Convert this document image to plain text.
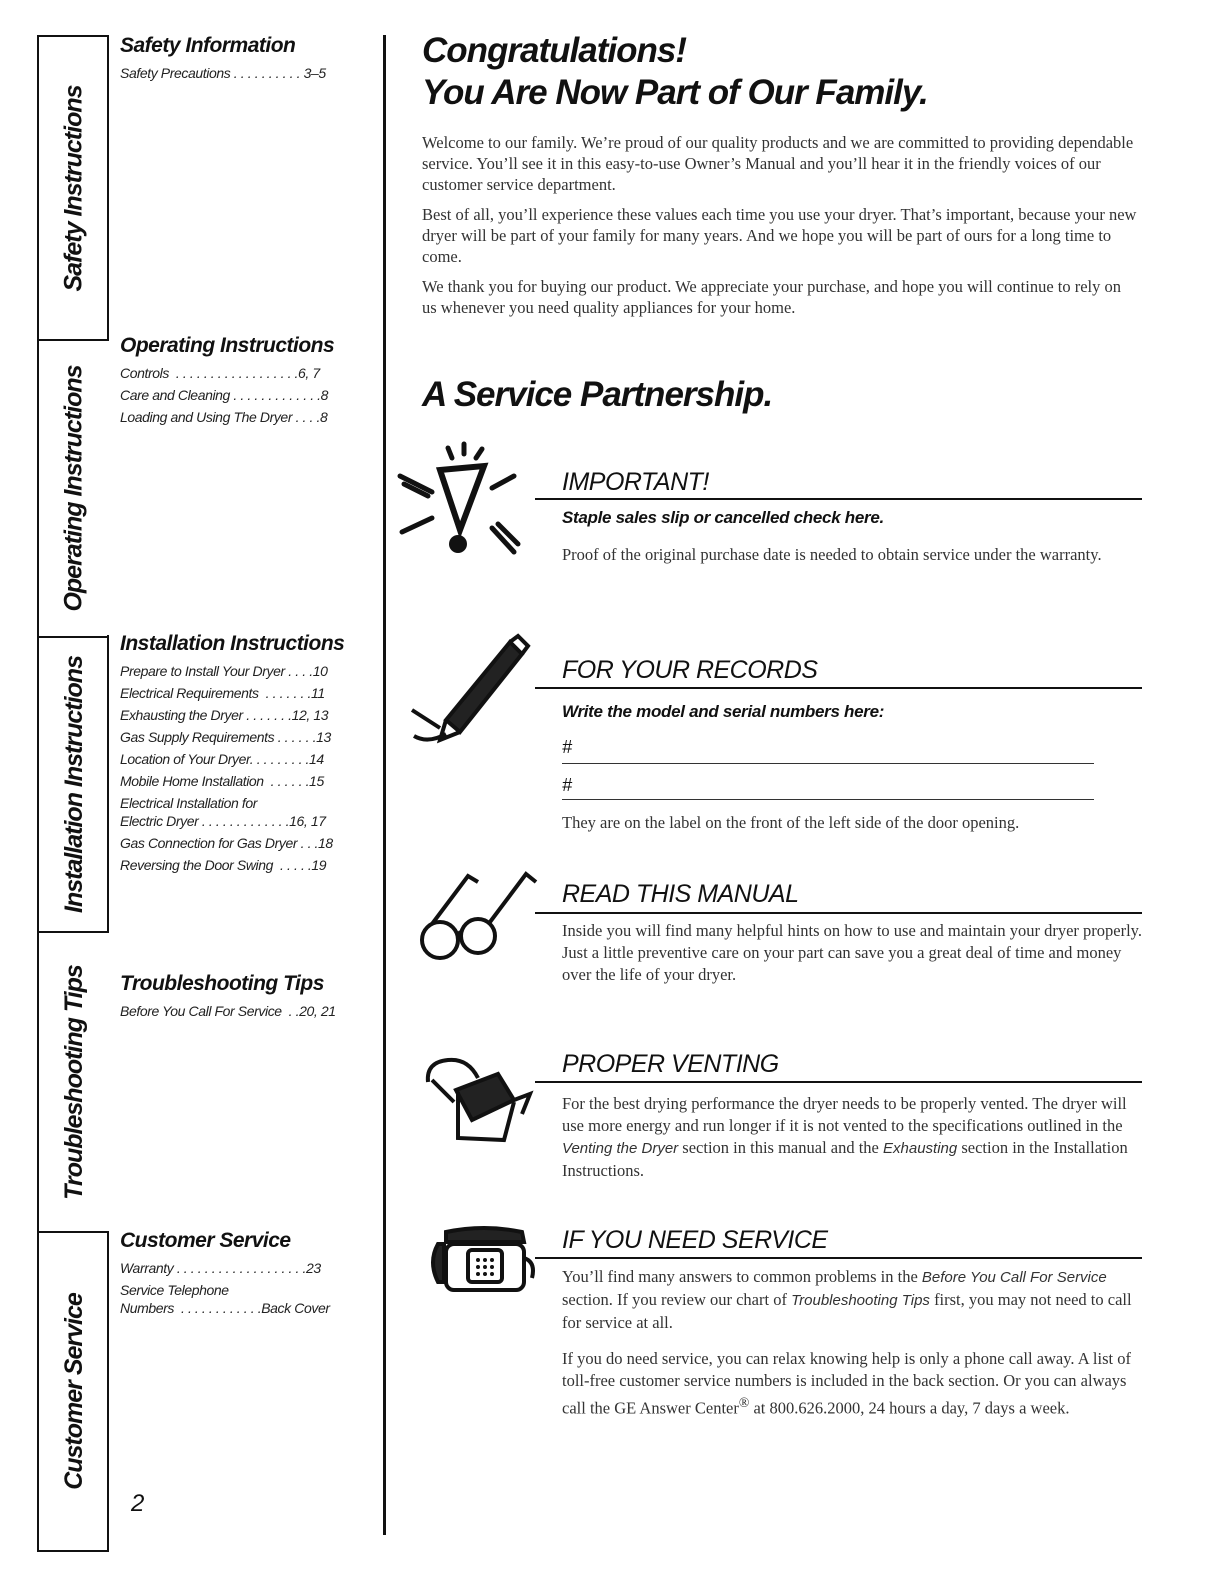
Safety Instructions
Operating Instructions
Installation Instructions
Troubleshooting Tips
Customer Service
Safety Information
Safety Precautions . . . . . . . . . . 3–5
Operating Instructions
Controls  . . . . . . . . . . . . . . . . . .6, 7
Care and Cleaning . . . . . . . . . . . . .8
Loading and Using The Dryer . . . .8
Installation Instructions
Prepare to Install Your Dryer . . . .10
Electrical Requirements  . . . . . . .11
Exhausting the Dryer . . . . . . .12, 13
Gas Supply Requirements . . . . . .13
Location of Your Dryer. . . . . . . . .14
Mobile Home Installation  . . . . . .15
Electrical Installation for
Electric Dryer . . . . . . . . . . . . .16, 17
Gas Connection for Gas Dryer . . .18
Reversing the Door Swing  . . . . .19
Troubleshooting Tips
Before You Call For Service  . .20, 21
Customer Service
Warranty . . . . . . . . . . . . . . . . . . .23
Service Telephone
Numbers  . . . . . . . . . . . .Back Cover
2
Congratulations!
You Are Now Part of Our Family.

Welcome to our family. We’re proud of our quality products and we are committed to providing dependable service. You’ll see it in this easy-to-use Owner’s Manual and you’ll hear it in the friendly voices of our customer service department.

Best of all, you’ll experience these values each time you use your dryer. That’s important, because your new dryer will be part of your family for many years. And we hope you will be part of ours for a long time to come.

We thank you for buying our product. We appreciate your purchase, and hope you will continue to rely on us whenever you need quality appliances for your home.

A Service Partnership.
IMPORTANT!
Staple sales slip or cancelled check here.
Proof of the original purchase date is needed to obtain service under the warranty.
FOR YOUR RECORDS
Write the model and serial numbers here:
#
#
They are on the label on the front of the left side of the door opening.
READ THIS MANUAL
Inside you will find many helpful hints on how to use and maintain your dryer properly. Just a little preventive care on your part can save you a great deal of time and money over the life of your dryer.
PROPER VENTING
For the best drying performance the dryer needs to be properly vented. The dryer will use more energy and run longer if it is not vented to the specifications outlined in the Venting the Dryer section in this manual and the Exhausting section in the Installation Instructions.
IF YOU NEED SERVICE
You’ll find many answers to common problems in the Before You Call For Service section. If you review our chart of Troubleshooting Tips first, you may not need to call for service at all.
If you do need service, you can relax knowing help is only a phone call away. A list of toll-free customer service numbers is included in the back section. Or you can always call the GE Answer Center® at 800.626.2000, 24 hours a day, 7 days a week.
